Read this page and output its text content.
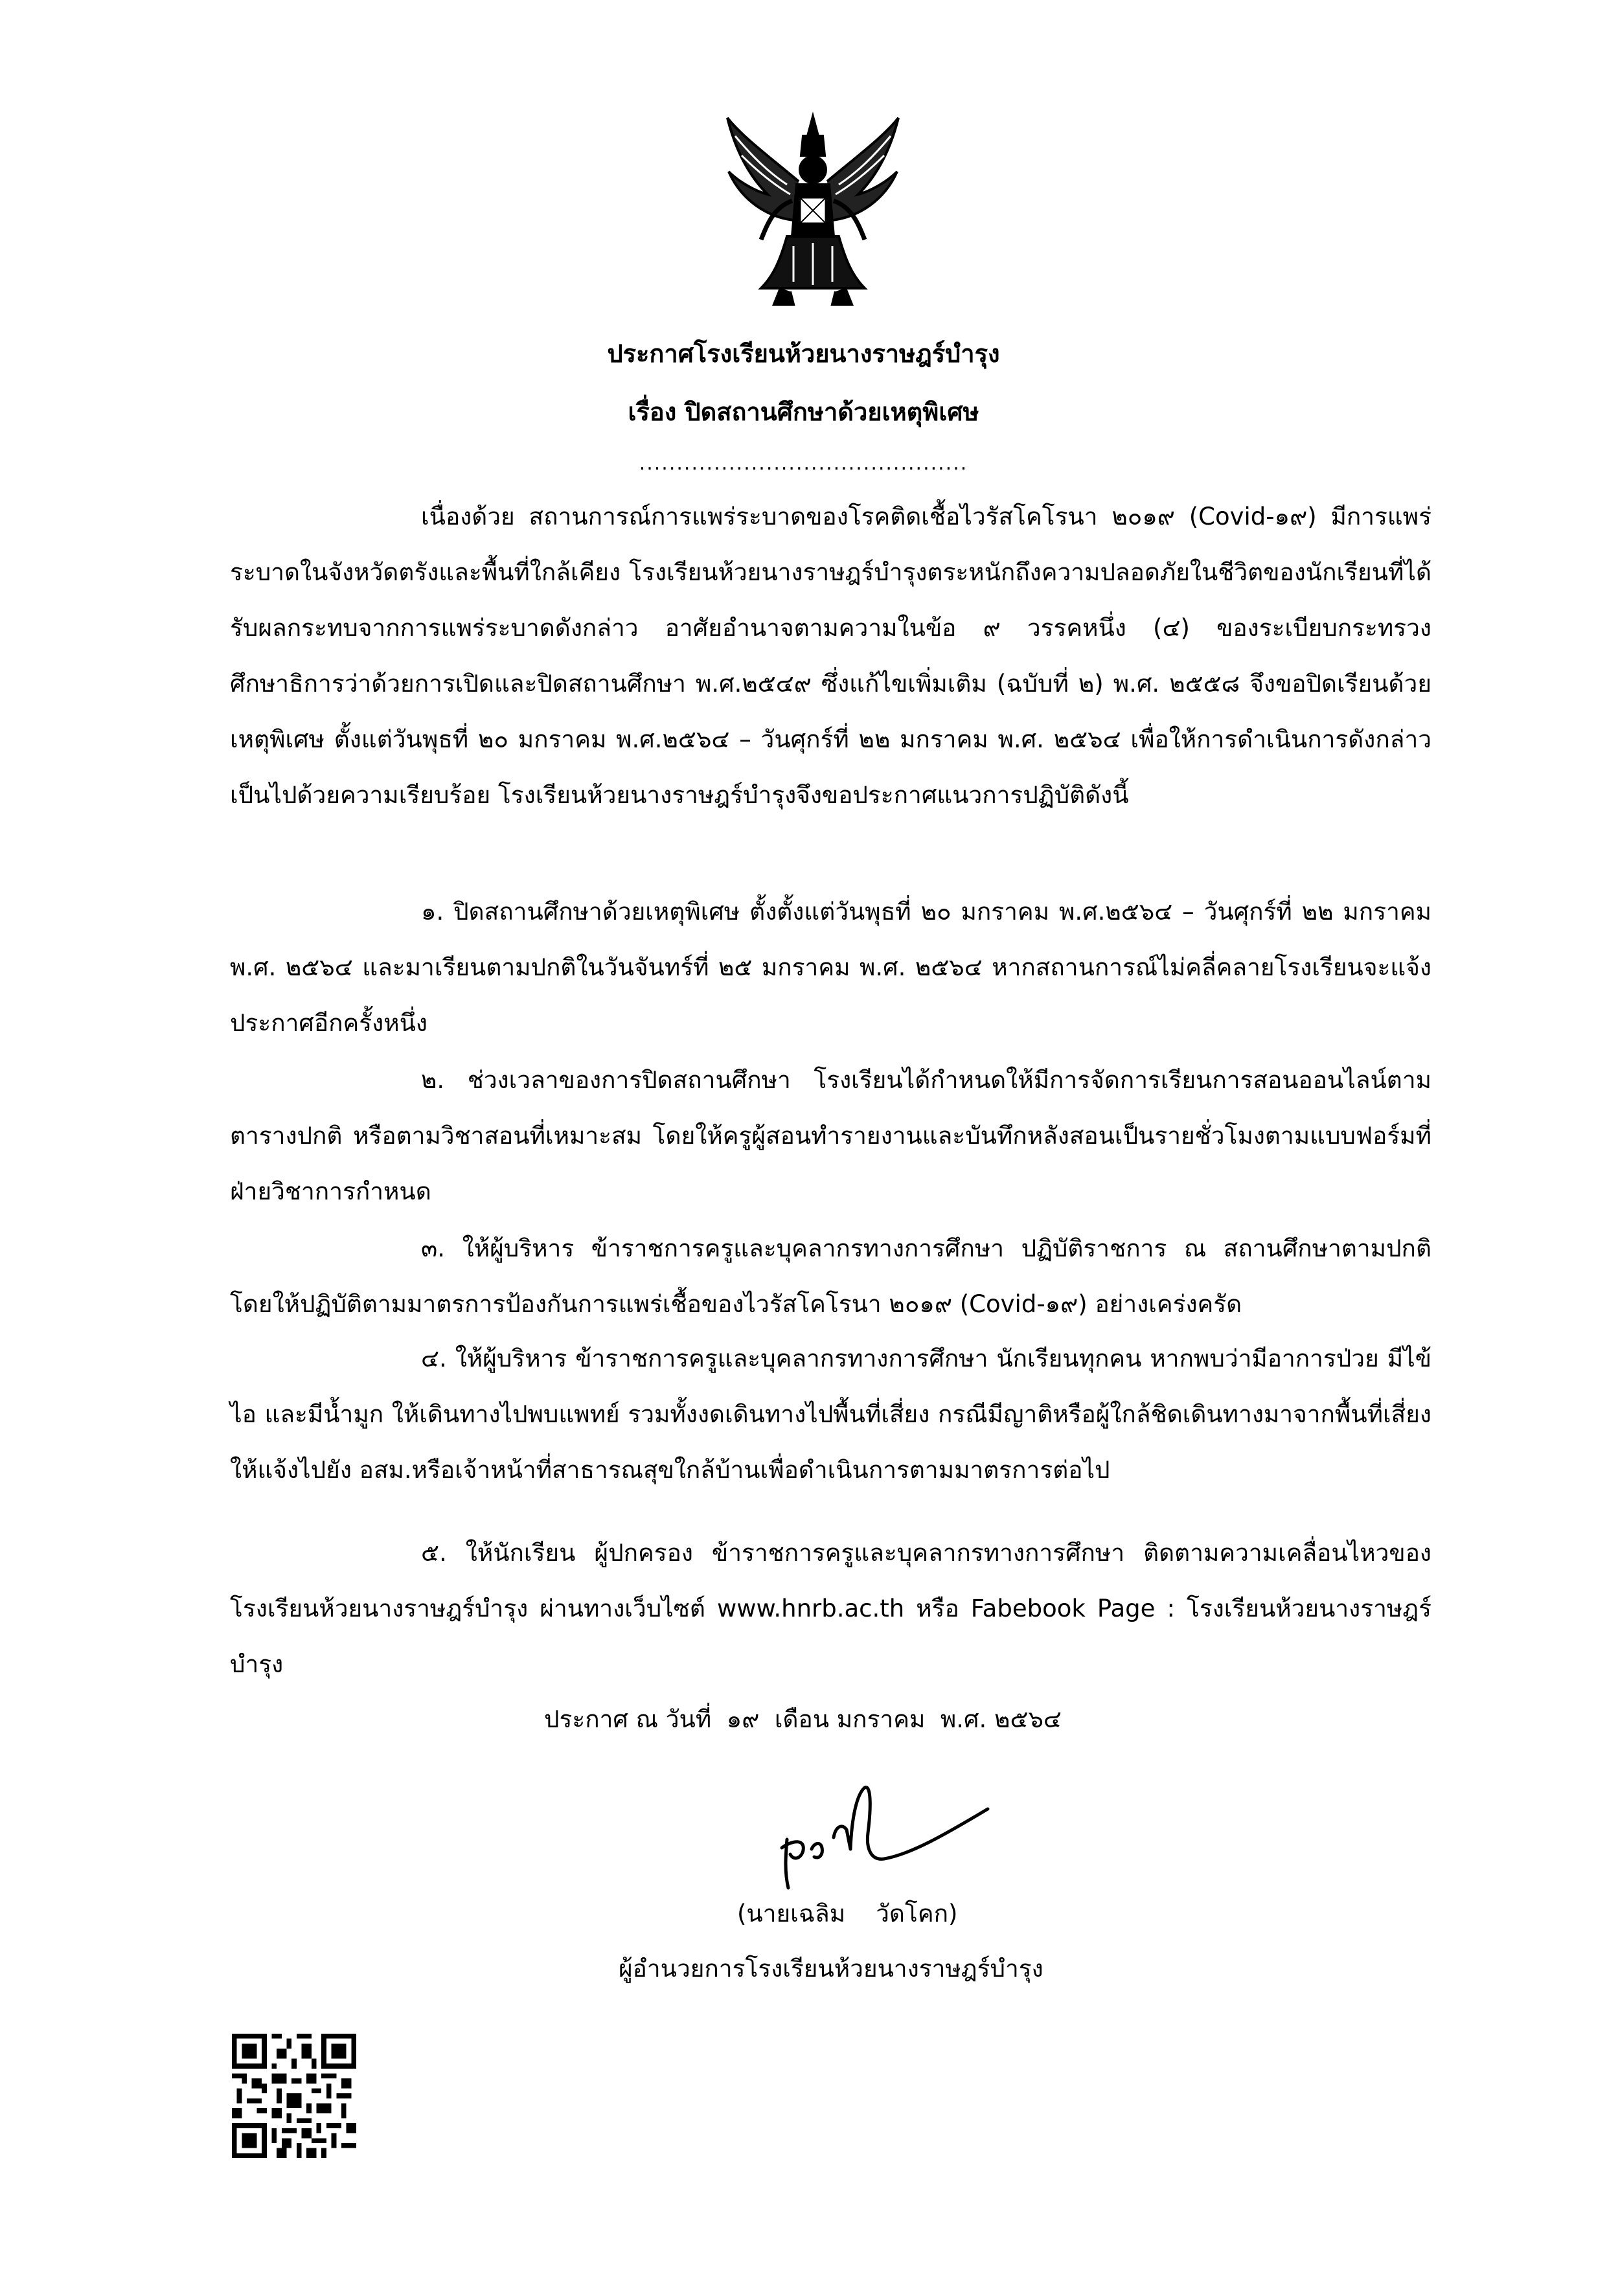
ประกาศโรงเรียนห้วยนางราษฎร์บำรุง
เรื่อง ปิดสถานศึกษาด้วยเหตุพิเศษ
............................................

เนื่องด้วย สถานการณ์การแพร่ระบาดของโรคติดเชื้อไวรัสโคโรนา ๒๐๑๙ (Covid-๑๙) มีการแพร่ระบาดในจังหวัดตรังและพื้นที่ใกล้เคียง โรงเรียนห้วยนางราษฎร์บำรุงตระหนักถึงความปลอดภัยในชีวิตของนักเรียนที่ได้รับผลกระทบจากการแพร่ระบาดดังกล่าว อาศัยอำนาจตามความในข้อ ๙ วรรคหนึ่ง (๔) ของระเบียบกระทรวงศึกษาธิการว่าด้วยการเปิดและปิดสถานศึกษา พ.ศ.๒๕๔๙ ซึ่งแก้ไขเพิ่มเติม (ฉบับที่ ๒) พ.ศ. ๒๕๕๘ จึงขอปิดเรียนด้วยเหตุพิเศษ ตั้งแต่วันพุธที่ ๒๐ มกราคม พ.ศ.๒๕๖๔ – วันศุกร์ที่ ๒๒ มกราคม พ.ศ. ๒๕๖๔ เพื่อให้การดำเนินการดังกล่าวเป็นไปด้วยความเรียบร้อย โรงเรียนห้วยนางราษฎร์บำรุงจึงขอประกาศแนวการปฏิบัติดังนี้

๑. ปิดสถานศึกษาด้วยเหตุพิเศษ ตั้งตั้งแต่วันพุธที่ ๒๐ มกราคม พ.ศ.๒๕๖๔ – วันศุกร์ที่ ๒๒ มกราคม พ.ศ. ๒๕๖๔ และมาเรียนตามปกติในวันจันทร์ที่ ๒๕ มกราคม พ.ศ. ๒๕๖๔ หากสถานการณ์ไม่คลี่คลายโรงเรียนจะแจ้งประกาศอีกครั้งหนึ่ง

๒. ช่วงเวลาของการปิดสถานศึกษา โรงเรียนได้กำหนดให้มีการจัดการเรียนการสอนออนไลน์ตามตารางปกติ หรือตามวิชาสอนที่เหมาะสม โดยให้ครูผู้สอนทำรายงานและบันทึกหลังสอนเป็นรายชั่วโมงตามแบบฟอร์มที่ฝ่ายวิชาการกำหนด

๓. ให้ผู้บริหาร ข้าราชการครูและบุคลากรทางการศึกษา ปฏิบัติราชการ ณ สถานศึกษาตามปกติ โดยให้ปฏิบัติตามมาตรการป้องกันการแพร่เชื้อของไวรัสโคโรนา ๒๐๑๙ (Covid-๑๙) อย่างเคร่งครัด

๔. ให้ผู้บริหาร ข้าราชการครูและบุคลากรทางการศึกษา นักเรียนทุกคน หากพบว่ามีอาการป่วย มีไข้ ไอ และมีน้ำมูก ให้เดินทางไปพบแพทย์ รวมทั้งงดเดินทางไปพื้นที่เสี่ยง กรณีมีญาติหรือผู้ใกล้ชิดเดินทางมาจากพื้นที่เสี่ยงให้แจ้งไปยัง อสม.หรือเจ้าหน้าที่สาธารณสุขใกล้บ้านเพื่อดำเนินการตามมาตรการต่อไป

๕. ให้นักเรียน ผู้ปกครอง ข้าราชการครูและบุคลากรทางการศึกษา ติดตามความเคลื่อนไหวของโรงเรียนห้วยนางราษฎร์บำรุง ผ่านทางเว็บไซต์ www.hnrb.ac.th หรือ Fabebook Page : โรงเรียนห้วยนางราษฎร์บำรุง

ประกาศ ณ วันที่  ๑๙  เดือน มกราคม  พ.ศ. ๒๕๖๔
(นายเฉลิม    วัดโคก)
ผู้อำนวยการโรงเรียนห้วยนางราษฎร์บำรุง
